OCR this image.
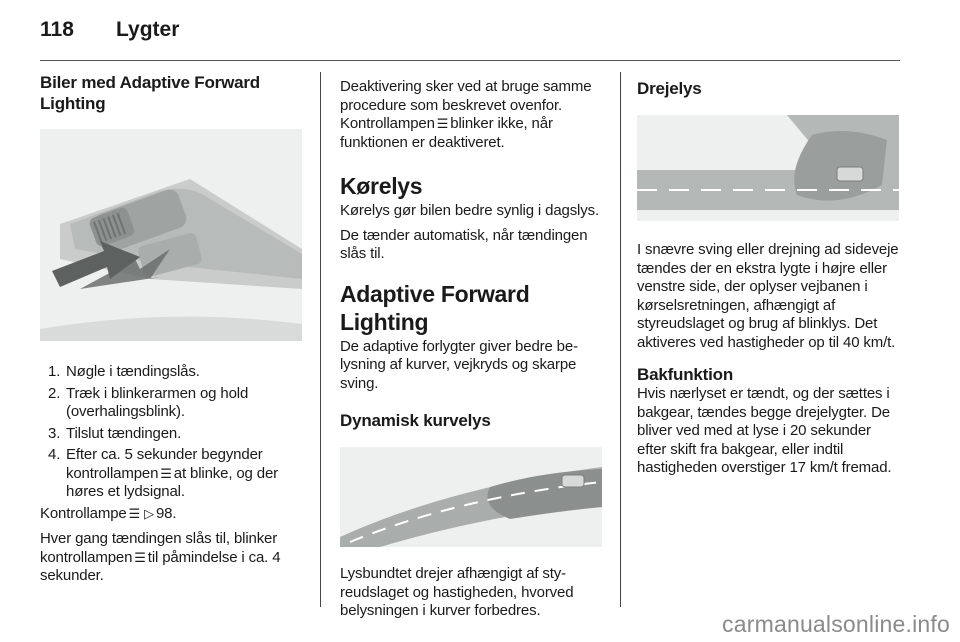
118	Lygter
Biler med Adaptive Forward Lighting
1. Nøgle i tændingslås.
2. Træk i blinkerarmen og hold (overhalingsblink).
3. Tilslut tændingen.
4. Efter ca. 5 sekunder begynder kontrollampen ☰ at blinke, og der høres et lydsignal.

Kontrollampe ☰ ▷ 98.

Hver gang tændingen slås til, blinker kontrollampen ☰ til påmindelse i ca. 4 sekunder.

Deaktivering sker ved at bruge samme procedure som beskrevet ovenfor. Kontrollampen ☰ blinker ikke, når funktionen er deaktiveret.

Kørelys

Kørelys gør bilen bedre synlig i dagslys.

De tænder automatisk, når tændingen slås til.

Adaptive Forward Lighting

De adaptive forlygter giver bedre belysning af kurver, vejkryds og skarpe sving.

Dynamisk kurvelys

Lysbundtet drejer afhængigt af styreudslaget og hastigheden, hvorved belysningen i kurver forbedres.

Drejelys

I snævre sving eller drejning ad sideveje tændes der en ekstra lygte i højre eller venstre side, der oplyser vejbanen i kørselsretningen, afhængigt af styreudslaget og brug af blinklys. Det aktiveres ved hastigheder op til 40 km/t.

Bakfunktion

Hvis nærlyset er tændt, og der sættes i bakgear, tændes begge drejelygter. De bliver ved med at lyse i 20 sekunder efter skift fra bakgear, eller indtil hastigheden overstiger 17 km/t fremad.

carmanualsonline.info
